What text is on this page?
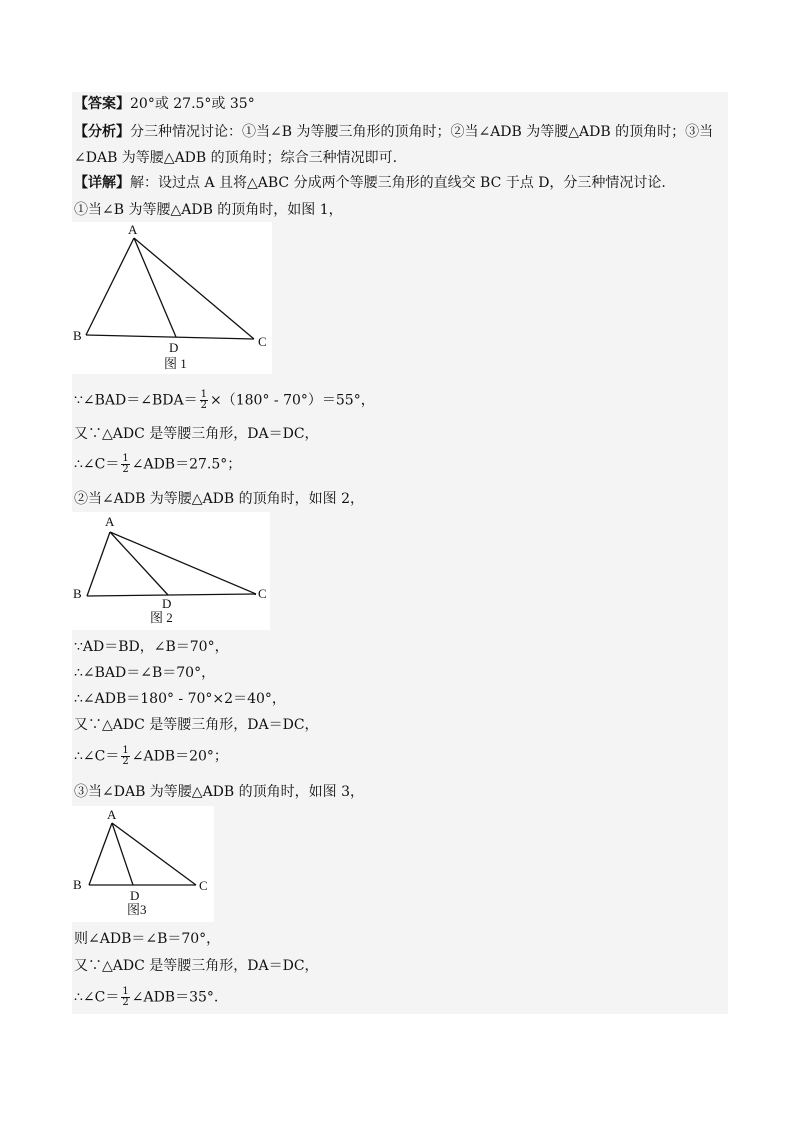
【答案】20°或 27.5°或 35°
【分析】分三种情况讨论：①当∠B 为等腰三角形的顶角时；②当∠ADB 为等腰△ADB 的顶角时；③当
∠DAB 为等腰△ADB 的顶角时；综合三种情况即可.
【详解】解：设过点 A 且将△ABC 分成两个等腰三角形的直线交 BC 于点 D，分三种情况讨论.
①当∠B 为等腰△ADB 的顶角时，如图 1，
A
B	C
D
图 1
∵∠BAD＝∠BDA＝ $\frac{1}{2} \times(180^\circ - 70^\circ)=55^\circ$，
又∵△ADC 是等腰三角形，DA＝DC，
∴∠C＝ $\frac{1}{2}$ ∠ADB＝27.5°；
②当∠ADB 为等腰△ADB 的顶角时，如图 2，
A
B	C
D
图 2
∵AD＝BD，∠B＝70°，
∴∠BAD＝∠B＝70°，
∴∠ADB＝180° - 70°×2＝40°，
又∵△ADC 是等腰三角形，DA＝DC，
∴∠C＝ $\frac{1}{2}$ ∠ADB＝20°；
③当∠DAB 为等腰△ADB 的顶角时，如图 3，
A
B	C
D
图3
则∠ADB＝∠B＝70°，
又∵△ADC 是等腰三角形，DA＝DC，
∴∠C＝ $\frac{1}{2}$ ∠ADB＝35°.
